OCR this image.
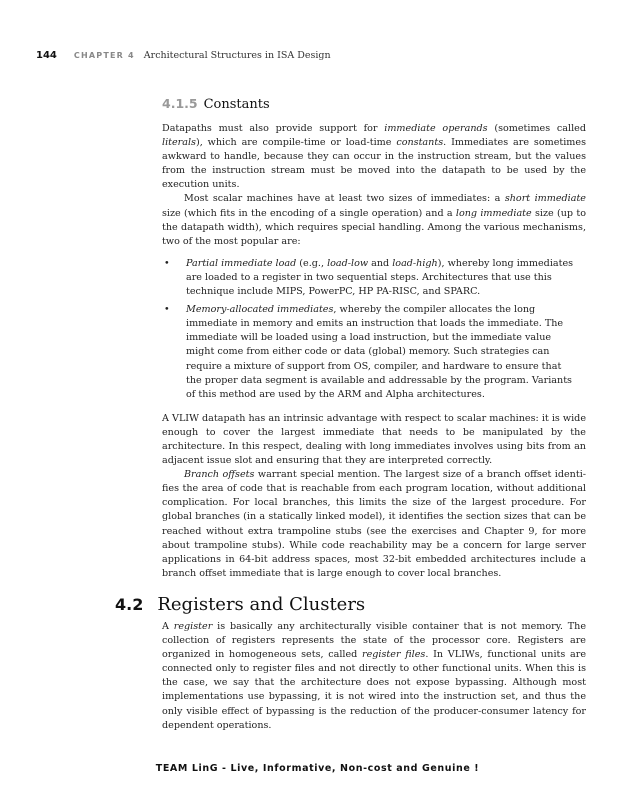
144 CHAPTER 4 Architectural Structures in ISA Design
4.1.5 Constants

Datapaths must also provide support for immediate operands (sometimes called literals), which are compile-time or load-time constants. Immediates are sometimes awkward to handle, because they can occur in the instruction stream, but the values from the instruction stream must be moved into the datapath to be used by the execution units.

Most scalar machines have at least two sizes of immediates: a short immediate size (which fits in the encoding of a single operation) and a long immediate size (up to the datapath width), which requires special handling. Among the various mechanisms, two of the most popular are:

• Partial immediate load (e.g., load-low and load-high), whereby long immediates are loaded to a register in two sequential steps. Architectures that use this technique include MIPS, PowerPC, HP PA-RISC, and SPARC.
• Memory-allocated immediates, whereby the compiler allocates the long immediate in memory and emits an instruction that loads the immediate. The immediate will be loaded using a load instruction, but the immediate value might come from either code or data (global) memory. Such strategies can require a mixture of support from OS, compiler, and hardware to ensure that the proper data segment is available and addressable by the program. Variants of this method are used by the ARM and Alpha architectures.

A VLIW datapath has an intrinsic advantage with respect to scalar machines: it is wide enough to cover the largest immediate that needs to be manipulated by the architecture. In this respect, dealing with long immediates involves using bits from an adjacent issue slot and ensuring that they are interpreted correctly.

Branch offsets warrant special mention. The largest size of a branch offset identifies the area of code that is reachable from each program location, without additional complication. For local branches, this limits the size of the largest procedure. For global branches (in a statically linked model), it identifies the section sizes that can be reached without extra trampoline stubs (see the exercises and Chapter 9, for more about trampoline stubs). While code reachability may be a concern for large server applications in 64-bit address spaces, most 32-bit embedded architectures include a branch offset immediate that is large enough to cover local branches.

4.2 Registers and Clusters

A register is basically any architecturally visible container that is not memory. The collection of registers represents the state of the processor core. Registers are organized in homogeneous sets, called register files. In VLIWs, functional units are connected only to register files and not directly to other functional units. When this is the case, we say that the architecture does not expose bypassing. Although most implementations use bypassing, it is not wired into the instruction set, and thus the only visible effect of bypassing is the reduction of the producer-consumer latency for dependent operations.

TEAM LinG - Live, Informative, Non-cost and Genuine !
